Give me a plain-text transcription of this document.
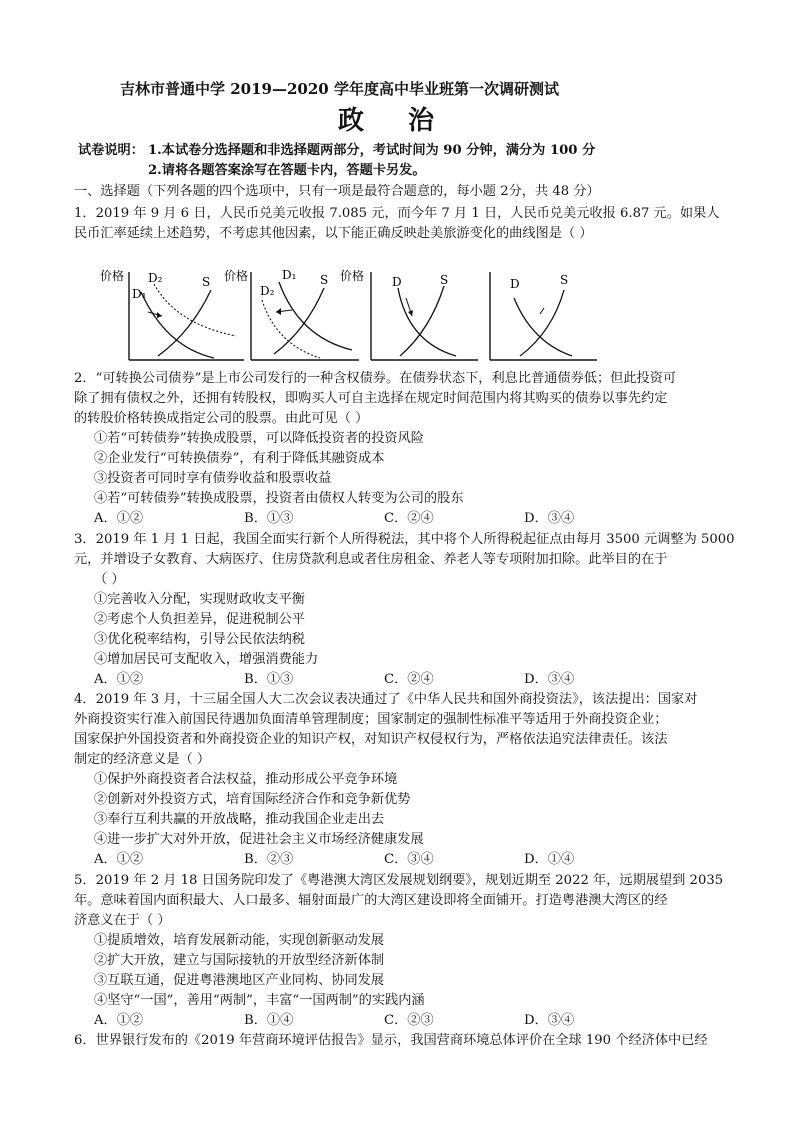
吉林市普通中学 2019—2020 学年度高中毕业班第一次调研测试
政治
试卷说明： 1.本试卷分选择题和非选择题两部分，考试时间为 90 分钟，满分为 100 分
2.请将各题答案涂写在答题卡内，答题卡另发。
一、选择题（下列各题的四个选项中，只有一项是最符合题意的，每小题 2分，共 48 分）
1．2019 年 9 月 6 日，人民币兑美元收报 7.085 元，而今年 7 月 1 日，人民币兑美元收报 6.87 元。如果人
民币汇率延续上述趋势，不考虑其他因素，以下能正确反映赴美旅游变化的曲线图是（ ）
价格 D₂
D₁
S 价格	D₁
D₂
S 价格 D	S	D	S
2．“可转换公司债券”是上市公司发行的一种含权债券。在债券状态下，利息比普通债券低；但此投资可
除了拥有债权之外，还拥有转股权，即购买人可自主选择在规定时间范围内将其购买的债券以事先约定
的转股价格转换成指定公司的股票。由此可见（ ）
①若“可转债券”转换成股票，可以降低投资者的投资风险
②企业发行“可转换债券”，有利于降低其融资成本
③投资者可同时享有债券收益和股票收益
④若“可转债券”转换成股票，投资者由债权人转变为公司的股东
A．①②	B．①③	C．②④	D．③④
3．2019 年 1 月 1 日起，我国全面实行新个人所得税法，其中将个人所得税起征点由每月 3500 元调整为 5000
元，并增设子女教育、大病医疗、住房贷款利息或者住房租金、养老人等专项附加扣除。此举目的在于
（ ）
①完善收入分配，实现财政收支平衡
②考虑个人负担差异，促进税制公平
③优化税率结构，引导公民依法纳税
④增加居民可支配收入，增强消费能力
A．①②	B．①③	C．②④	D．③④
4．2019 年 3 月，十三届全国人大二次会议表决通过了《中华人民共和国外商投资法》，该法提出：国家对
外商投资实行准入前国民待遇加负面清单管理制度；国家制定的强制性标准平等适用于外商投资企业；
国家保护外国投资者和外商投资企业的知识产权，对知识产权侵权行为，严格依法追究法律责任。该法
制定的经济意义是（ ）
①保护外商投资者合法权益，推动形成公平竞争环境
②创新对外投资方式，培育国际经济合作和竞争新优势
③奉行互利共赢的开放战略，推动我国企业走出去
④进一步扩大对外开放，促进社会主义市场经济健康发展
A．①②	B．②③	C．③④	D．①④
5．2019 年 2 月 18 日国务院印发了《粤港澳大湾区发展规划纲要》，规划近期至 2022 年，远期展望到 2035
年。意味着国内面积最大、人口最多、辐射面最广的大湾区建设即将全面铺开。打造粤港澳大湾区的经
济意义在于（ ）
①提质增效，培育发展新动能，实现创新驱动发展
②扩大开放，建立与国际接轨的开放型经济新体制
③互联互通，促进粤港澳地区产业同构、协同发展
④坚守“一国”，善用“两制”，丰富“一国两制”的实践内涵
A．①②	B．①④	C．②③	D．③④
6．世界银行发布的《2019 年营商环境评估报告》显示，我国营商环境总体评价在全球 190 个经济体中已经
